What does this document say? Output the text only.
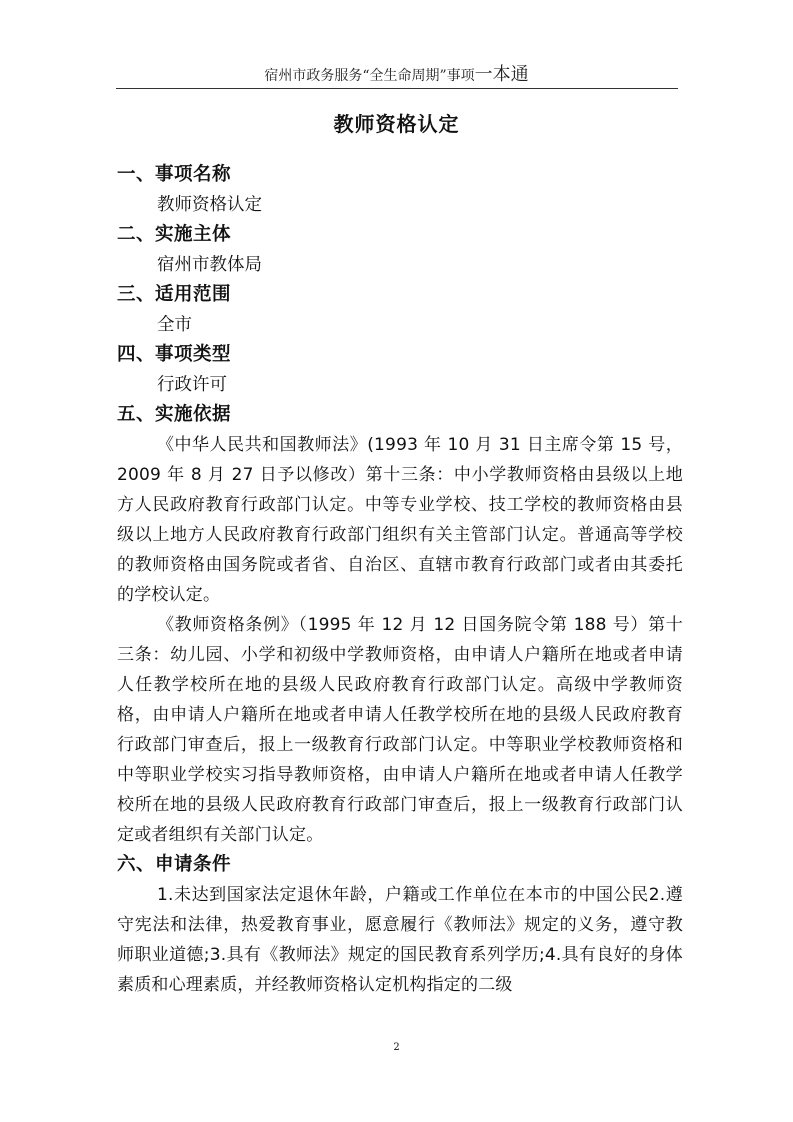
宿州市政务服务“全生命周期”事项一本通
教师资格认定
一、事项名称
教师资格认定
二、实施主体
宿州市教体局
三、适用范围
全市
四、事项类型
行政许可
五、实施依据

《中华人民共和国教师法》(1993 年 10 月 31 日主席令第 15 号，2009 年 8 月 27 日予以修改）第十三条：中小学教师资格由县级以上地方人民政府教育行政部门认定。中等专业学校、技工学校的教师资格由县级以上地方人民政府教育行政部门组织有关主管部门认定。普通高等学校的教师资格由国务院或者省、自治区、直辖市教育行政部门或者由其委托的学校认定。

《教师资格条例》（1995 年 12 月 12 日国务院令第 188 号）第十三条：幼儿园、小学和初级中学教师资格，由申请人户籍所在地或者申请人任教学校所在地的县级人民政府教育行政部门认定。高级中学教师资格，由申请人户籍所在地或者申请人任教学校所在地的县级人民政府教育行政部门审查后，报上一级教育行政部门认定。中等职业学校教师资格和中等职业学校实习指导教师资格，由申请人户籍所在地或者申请人任教学校所在地的县级人民政府教育行政部门审查后，报上一级教育行政部门认定或者组织有关部门认定。

六、申请条件

1.未达到国家法定退休年龄，户籍或工作单位在本市的中国公民2.遵守宪法和法律，热爱教育事业，愿意履行《教师法》规定的义务，遵守教师职业道德;3.具有《教师法》规定的国民教育系列学历;4.具有良好的身体素质和心理素质，并经教师资格认定机构指定的二级

2
